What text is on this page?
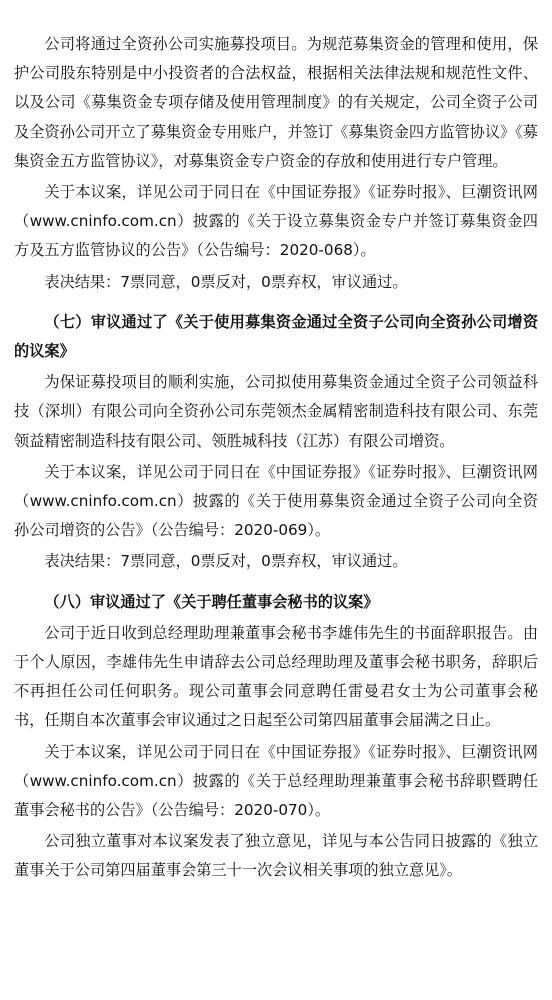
公司将通过全资孙公司实施募投项目。为规范募集资金的管理和使用，保护公司股东特别是中小投资者的合法权益，根据相关法律法规和规范性文件、以及公司《募集资金专项存储及使用管理制度》的有关规定，公司全资子公司及全资孙公司开立了募集资金专用账户，并签订《募集资金四方监管协议》《募集资金五方监管协议》，对募集资金专户资金的存放和使用进行专户管理。

关于本议案，详见公司于同日在《中国证券报》《证券时报》、巨潮资讯网（www.cninfo.com.cn）披露的《关于设立募集资金专户并签订募集资金四方及五方监管协议的公告》（公告编号：2020-068）。

表决结果：7票同意，0票反对，0票弃权，审议通过。

（七）审议通过了《关于使用募集资金通过全资子公司向全资孙公司增资的议案》

为保证募投项目的顺利实施，公司拟使用募集资金通过全资子公司领益科技（深圳）有限公司向全资孙公司东莞领杰金属精密制造科技有限公司、东莞领益精密制造科技有限公司、领胜城科技（江苏）有限公司增资。

关于本议案，详见公司于同日在《中国证券报》《证券时报》、巨潮资讯网（www.cninfo.com.cn）披露的《关于使用募集资金通过全资子公司向全资孙公司增资的公告》（公告编号：2020-069）。

表决结果：7票同意，0票反对，0票弃权，审议通过。

（八）审议通过了《关于聘任董事会秘书的议案》

公司于近日收到总经理助理兼董事会秘书李雄伟先生的书面辞职报告。由于个人原因，李雄伟先生申请辞去公司总经理助理及董事会秘书职务，辞职后不再担任公司任何职务。现公司董事会同意聘任雷曼君女士为公司董事会秘书，任期自本次董事会审议通过之日起至公司第四届董事会届满之日止。

关于本议案，详见公司于同日在《中国证券报》《证券时报》、巨潮资讯网（www.cninfo.com.cn）披露的《关于总经理助理兼董事会秘书辞职暨聘任董事会秘书的公告》（公告编号：2020-070）。

公司独立董事对本议案发表了独立意见，详见与本公告同日披露的《独立董事关于公司第四届董事会第三十一次会议相关事项的独立意见》。
